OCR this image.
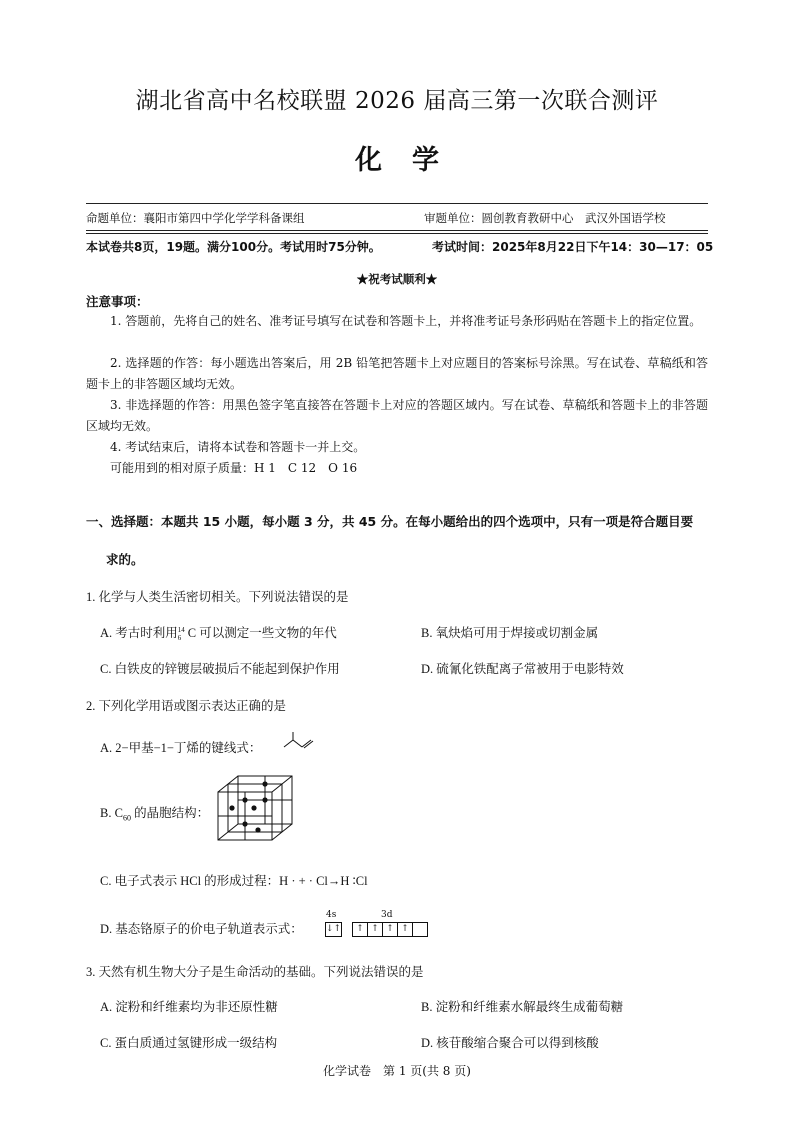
湖北省高中名校联盟 2026 届高三第一次联合测评
化学
命题单位：襄阳市第四中学化学学科备课组	审题单位：圆创教育教研中心　武汉外国语学校
本试卷共8页，19题。满分100分。考试用时75分钟。	考试时间：2025年8月22日下午14：30—17：05
★祝考试顺利★
注意事项：
1. 答题前，先将自己的姓名、准考证号填写在试卷和答题卡上，并将准考证号条形码贴在答题卡上的指定位置。
2. 选择题的作答：每小题选出答案后，用 2B 铅笔把答题卡上对应题目的答案标号涂黑。写在试卷、草稿纸和答题卡上的非答题区域均无效。
3. 非选择题的作答：用黑色签字笔直接答在答题卡上对应的答题区域内。写在试卷、草稿纸和答题卡上的非答题区域均无效。
4. 考试结束后，请将本试卷和答题卡一并上交。
可能用到的相对原子质量：H 1　C 12　O 16
一、选择题：本题共 15 小题，每小题 3 分，共 45 分。在每小题给出的四个选项中，只有一项是符合题目要
求的。
1. 化学与人类生活密切相关。下列说法错误的是
A. 考古时利用 14
6 C 可以测定一些文物的年代	B. 氧炔焰可用于焊接或切割金属
C. 白铁皮的锌镀层破损后不能起到保护作用	D. 硫氰化铁配离子常被用于电影特效
2. 下列化学用语或图示表达正确的是
A. 2−甲基−1−丁烯的键线式：
B. $C_{60}$ 的晶胞结构：
C. 电子式表示 HCl 的形成过程：H · + · Cl→H ∶Cl
D. 基态铬原子的价电子轨道表示式：
4s	3d
↓↑	↑ ↑ ↑ ↑
3. 天然有机生物大分子是生命活动的基础。下列说法错误的是
A. 淀粉和纤维素均为非还原性糖	B. 淀粉和纤维素水解最终生成葡萄糖
C. 蛋白质通过氢键形成一级结构	D. 核苷酸缩合聚合可以得到核酸
化学试卷　第 1 页(共 8 页)
